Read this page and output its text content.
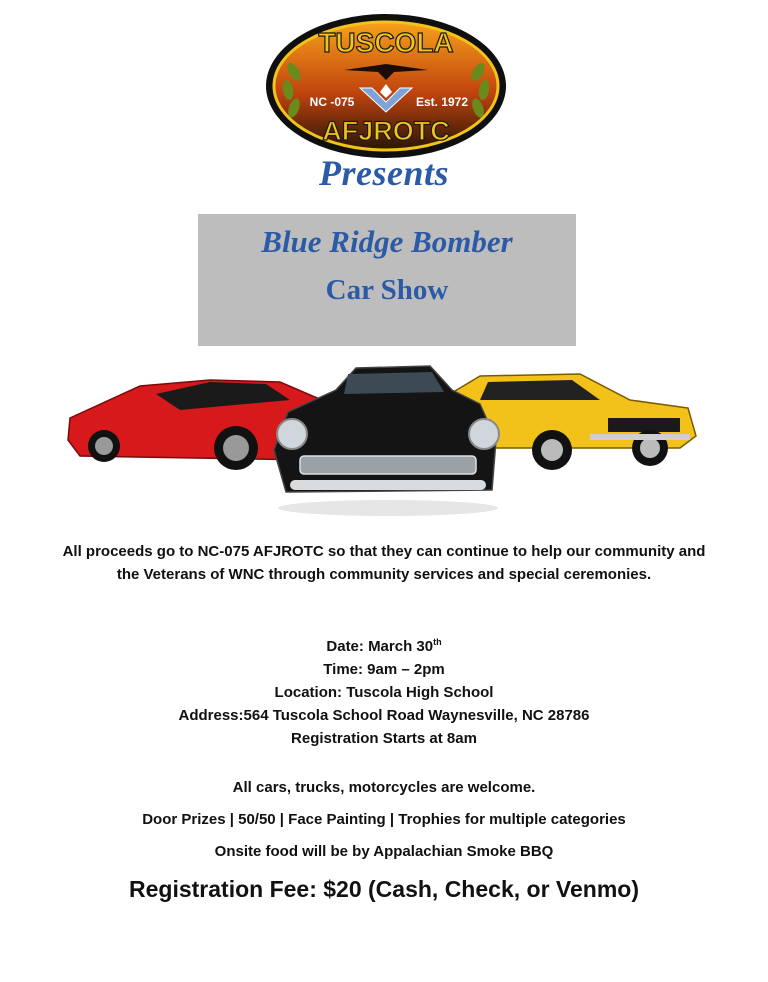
TUSCOLA
NC -075	Est. 1972
AFJROTC
Presents
Blue Ridge Bomber
Car Show
All proceeds go to NC-075 AFJROTC so that they can continue to help our community and the Veterans of WNC through community services and special ceremonies.
Date: March 30th
Time: 9am – 2pm
Location: Tuscola High School
Address:564 Tuscola School Road Waynesville, NC 28786
Registration Starts at 8am
All cars, trucks, motorcycles are welcome.
Door Prizes | 50/50 | Face Painting | Trophies for multiple categories
Onsite food will be by Appalachian Smoke BBQ
Registration Fee: $20 (Cash, Check, or Venmo)
